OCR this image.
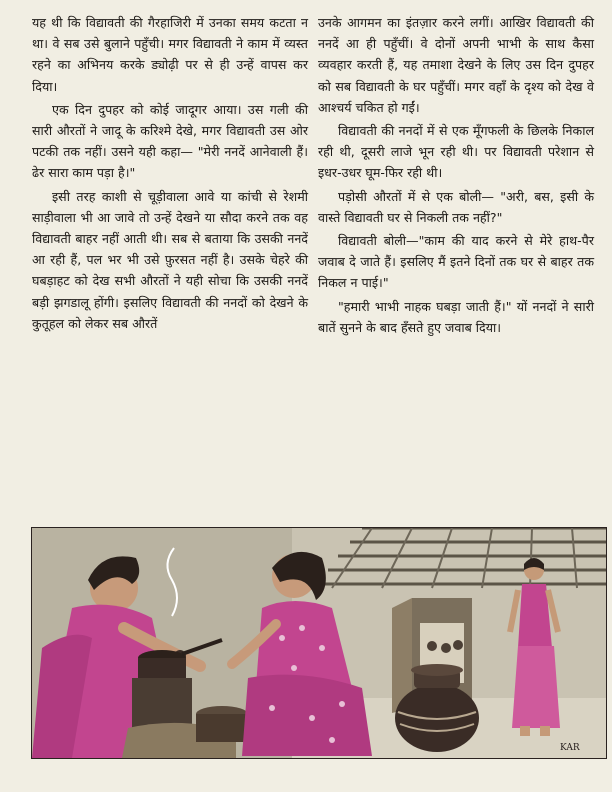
यह थी कि विद्यावती की गैरहाजिरी में उनका समय कटता न था। वे सब उसे बुलाने पहुँची। मगर विद्यावती ने काम में व्यस्त रहने का अभिनय करके ड्योढ़ी पर से ही उन्हें वापस कर दिया।

एक दिन दुपहर को कोई जादूगर आया। उस गली की सारी औरतों ने जादू के करिश्मे देखे, मगर विद्यावती उस ओर पटकी तक नहीं। उसने यही कहा— "मेरी ननदें आनेवाली हैं। ढेर सारा काम पड़ा है।"

इसी तरह काशी से चूड़ीवाला आवे या कांची से रेशमी साड़ीवाला भी आ जावे तो उन्हें देखने या सौदा करने तक वह विद्यावती बाहर नहीं आती थी। सब से बताया कि उसकी ननदें आ रही हैं, पल भर भी उसे फ़ुरसत नहीं है। उसके चेहरे की घबड़ाहट को देख सभी औरतों ने यही सोचा कि उसकी ननदें बड़ी झगडालू होंगी। इसलिए विद्यावती की ननदों को देखने के कुतूहल को लेकर सब औरतें

उनके आगमन का इंतज़ार करने लगीं। आखिर विद्यावती की ननदें आ ही पहुँचीं। वे दोनों अपनी भाभी के साथ कैसा व्यवहार करती हैं, यह तमाशा देखने के लिए उस दिन दुपहर को सब विद्यावती के घर पहुँचीं। मगर वहाँ के दृश्य को देख वे आश्चर्य चकित हो गईं।

विद्यावती की ननदों में से एक मूँगफली के छिलके निकाल रही थी, दूसरी लाजे भून रही थी। पर विद्यावती परेशान से इधर-उधर घूम-फिर रही थी।

पड़ोसी औरतों में से एक बोली— "अरी, बस, इसी के वास्ते विद्यावती घर से निकली तक नहीं?"

विद्यावती बोली—"काम की याद करने से मेरे हाथ-पैर जवाब दे जाते हैं। इसलिए मैं इतने दिनों तक घर से बाहर तक निकल न पाई।"

"हमारी भाभी नाहक घबड़ा जाती हैं।" यों ननदों ने सारी बातें सुनने के बाद हँसते हुए जवाब दिया।

KAR
